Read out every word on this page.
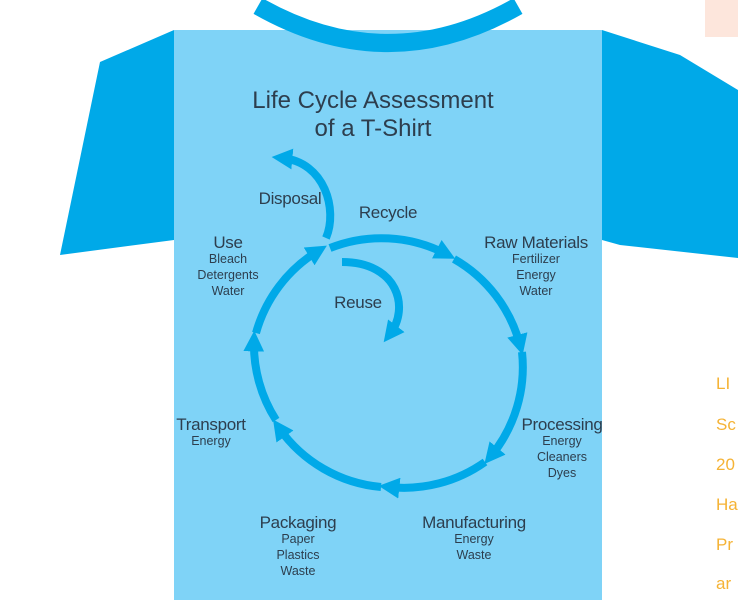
Life Cycle Assessment
of a T-Shirt
Disposal
Recycle
Reuse
Use
Bleach
Detergents
Water
Raw Materials
Fertilizer
Energy
Water
Processing
Energy
Cleaners
Dyes
Manufacturing
Energy
Waste
Packaging
Paper
Plastics
Waste
Transport
Energy
LI
Sc
20
Ha
Pr
ar
